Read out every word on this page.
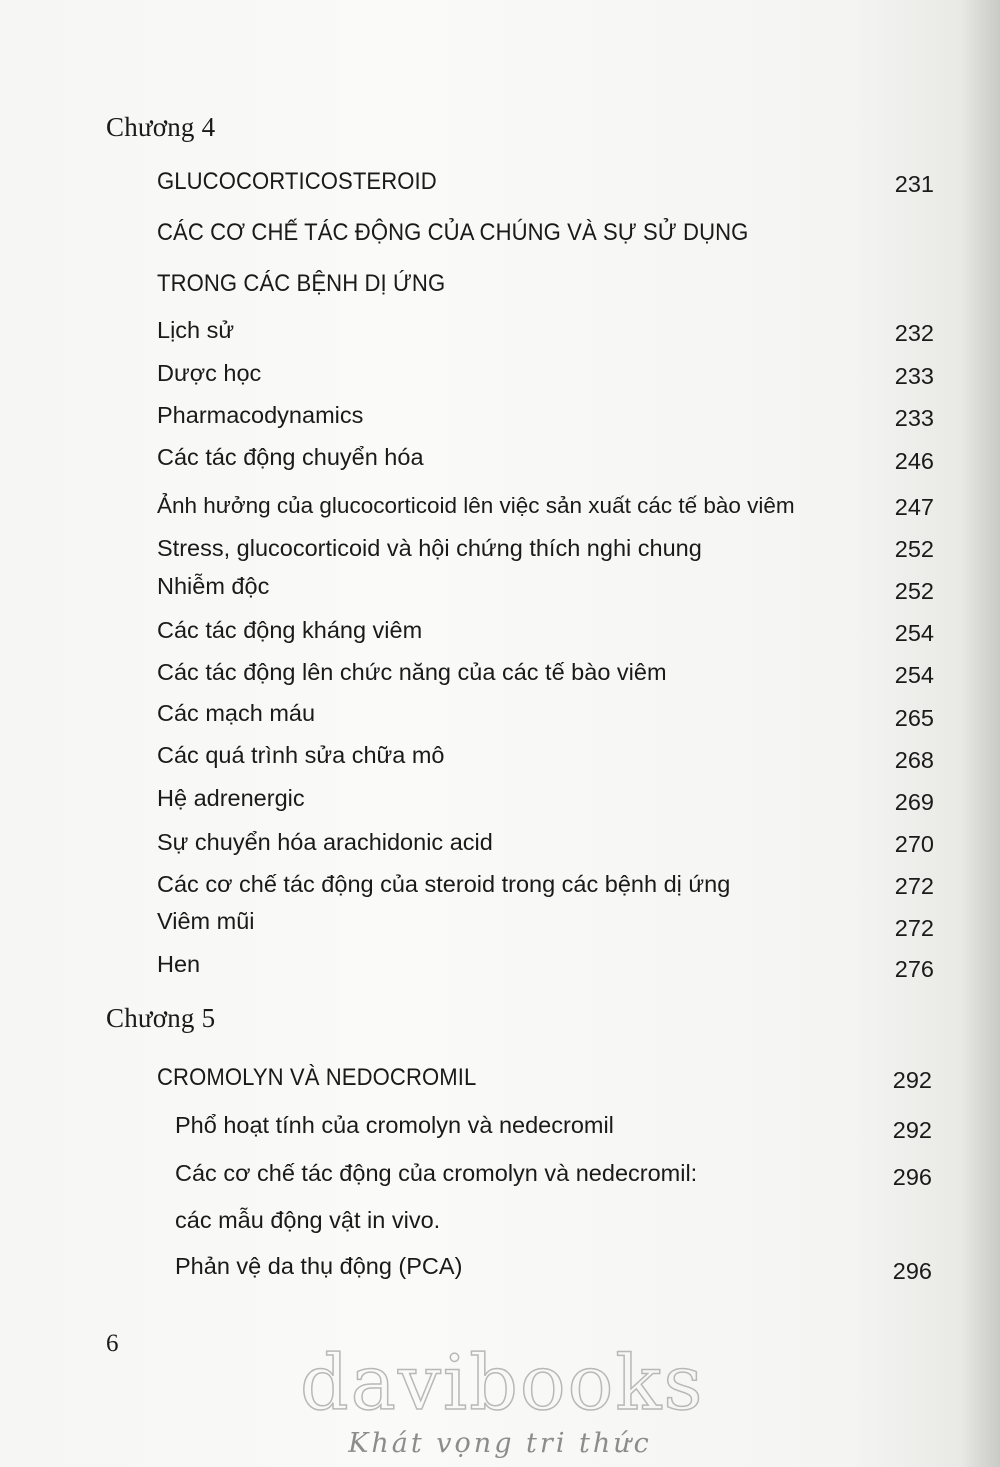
Chương 4
GLUCOCORTICOSTEROID	231
CÁC CƠ CHẾ TÁC ĐỘNG CỦA CHÚNG VÀ SỰ SỬ DỤNG
TRONG CÁC BỆNH DỊ ỨNG
Lịch sử	232
Dược học	233
Pharmacodynamics	233
Các tác động chuyển hóa	246
Ảnh hưởng của glucocorticoid lên việc sản xuất các tế bào viêm	247
Stress, glucocorticoid và hội chứng thích nghi chung	252
Nhiễm độc	252
Các tác động kháng viêm	254
Các tác động lên chức năng của các tế bào viêm	254
Các mạch máu	265
Các quá trình sửa chữa mô	268
Hệ adrenergic	269
Sự chuyển hóa arachidonic acid	270
Các cơ chế tác động của steroid trong các bệnh dị ứng	272
Viêm mũi	272
Hen	276
Chương 5
CROMOLYN VÀ NEDOCROMIL	292
Phổ hoạt tính của cromolyn và nedecromil	292
Các cơ chế tác động của cromolyn và nedecromil:	296
các mẫu động vật in vivo.
Phản vệ da thụ động (PCA)	296
6 davibooks
Khát vọng tri thức
